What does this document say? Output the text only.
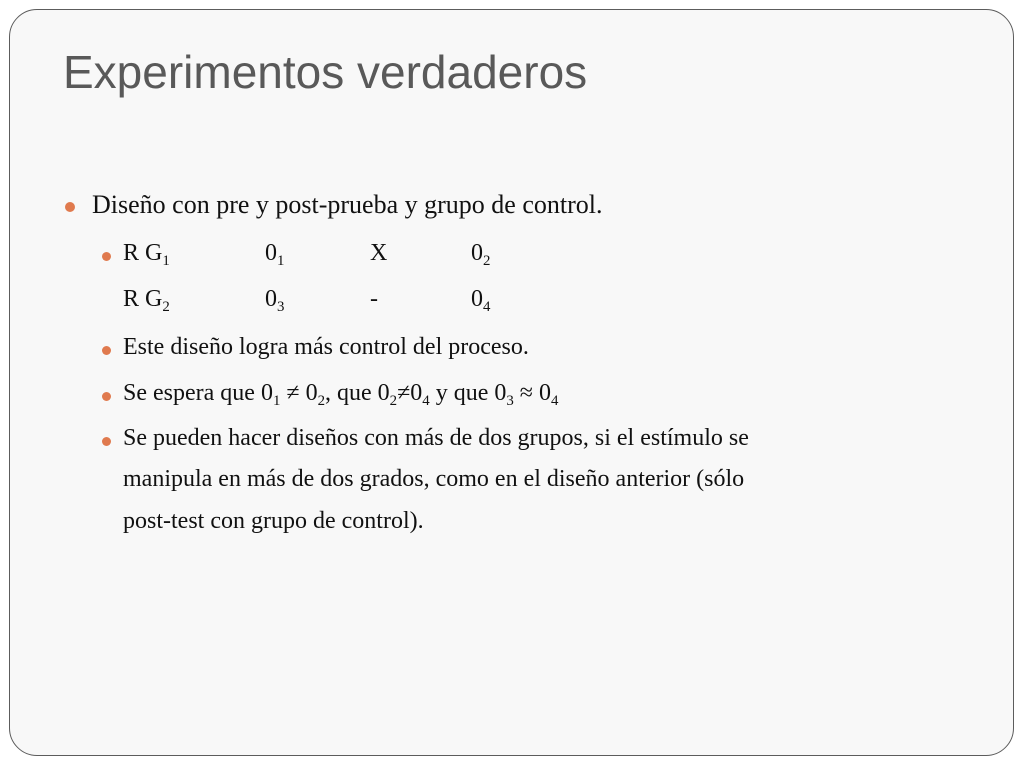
Experimentos verdaderos

Diseño con pre y post-prueba y grupo de control.

R $G_1$	$0_1$	X	$0_2$
R $G_2$	$0_3$	-	$0_4$

Este diseño logra más control del proceso.

Se espera que $0_1 \ne 0_2$, que $0_2\ne 0_4$ y que $0_3 \approx 0_4$

Se pueden hacer diseños con más de dos grupos, si el estímulo se

manipula en más de dos grados, como en el diseño anterior (sólo

post-test con grupo de control).
